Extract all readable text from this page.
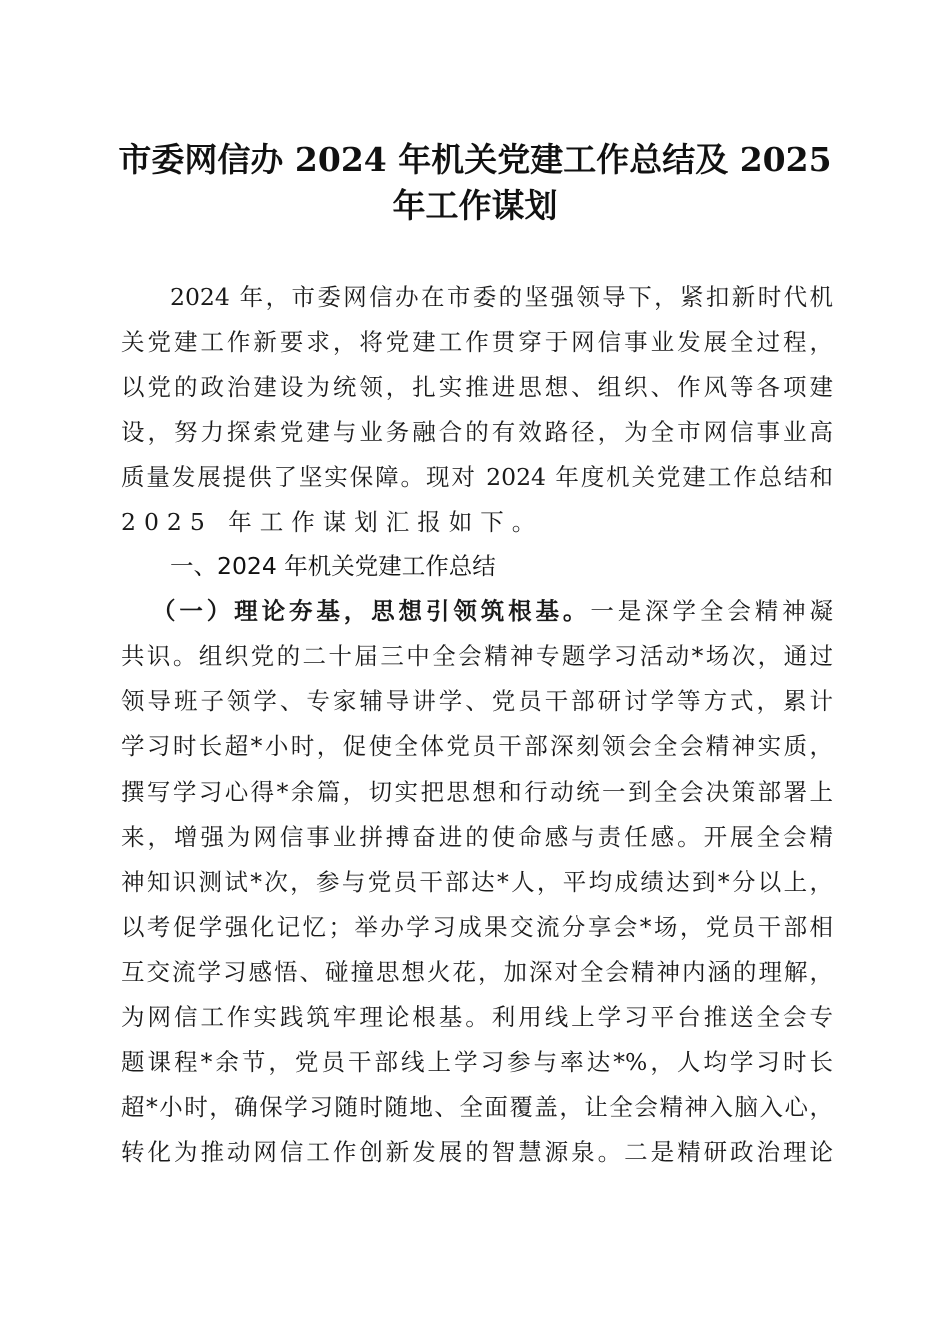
市委网信办 2024 年机关党建工作总结及 2025
年工作谋划
2024 年，市委网信办在市委的坚强领导下，紧扣新时代机
关党建工作新要求，将党建工作贯穿于网信事业发展全过程，
以党的政治建设为统领，扎实推进思想、组织、作风等各项建
设，努力探索党建与业务融合的有效路径，为全市网信事业高
质量发展提供了坚实保障。现对 2024 年度机关党建工作总结和
2025 年工作谋划汇报如下。
一、2024 年机关党建工作总结
（一）理论夯基，思想引领筑根基。一是深学全会精神凝
共识。组织党的二十届三中全会精神专题学习活动*场次，通过
领导班子领学、专家辅导讲学、党员干部研讨学等方式，累计
学习时长超*小时，促使全体党员干部深刻领会全会精神实质，
撰写学习心得*余篇，切实把思想和行动统一到全会决策部署上
来，增强为网信事业拼搏奋进的使命感与责任感。开展全会精
神知识测试*次，参与党员干部达*人，平均成绩达到*分以上，
以考促学强化记忆；举办学习成果交流分享会*场，党员干部相
互交流学习感悟、碰撞思想火花，加深对全会精神内涵的理解，
为网信工作实践筑牢理论根基。利用线上学习平台推送全会专
题课程*余节，党员干部线上学习参与率达*%，人均学习时长
超*小时，确保学习随时随地、全面覆盖，让全会精神入脑入心，
转化为推动网信工作创新发展的智慧源泉。二是精研政治理论
